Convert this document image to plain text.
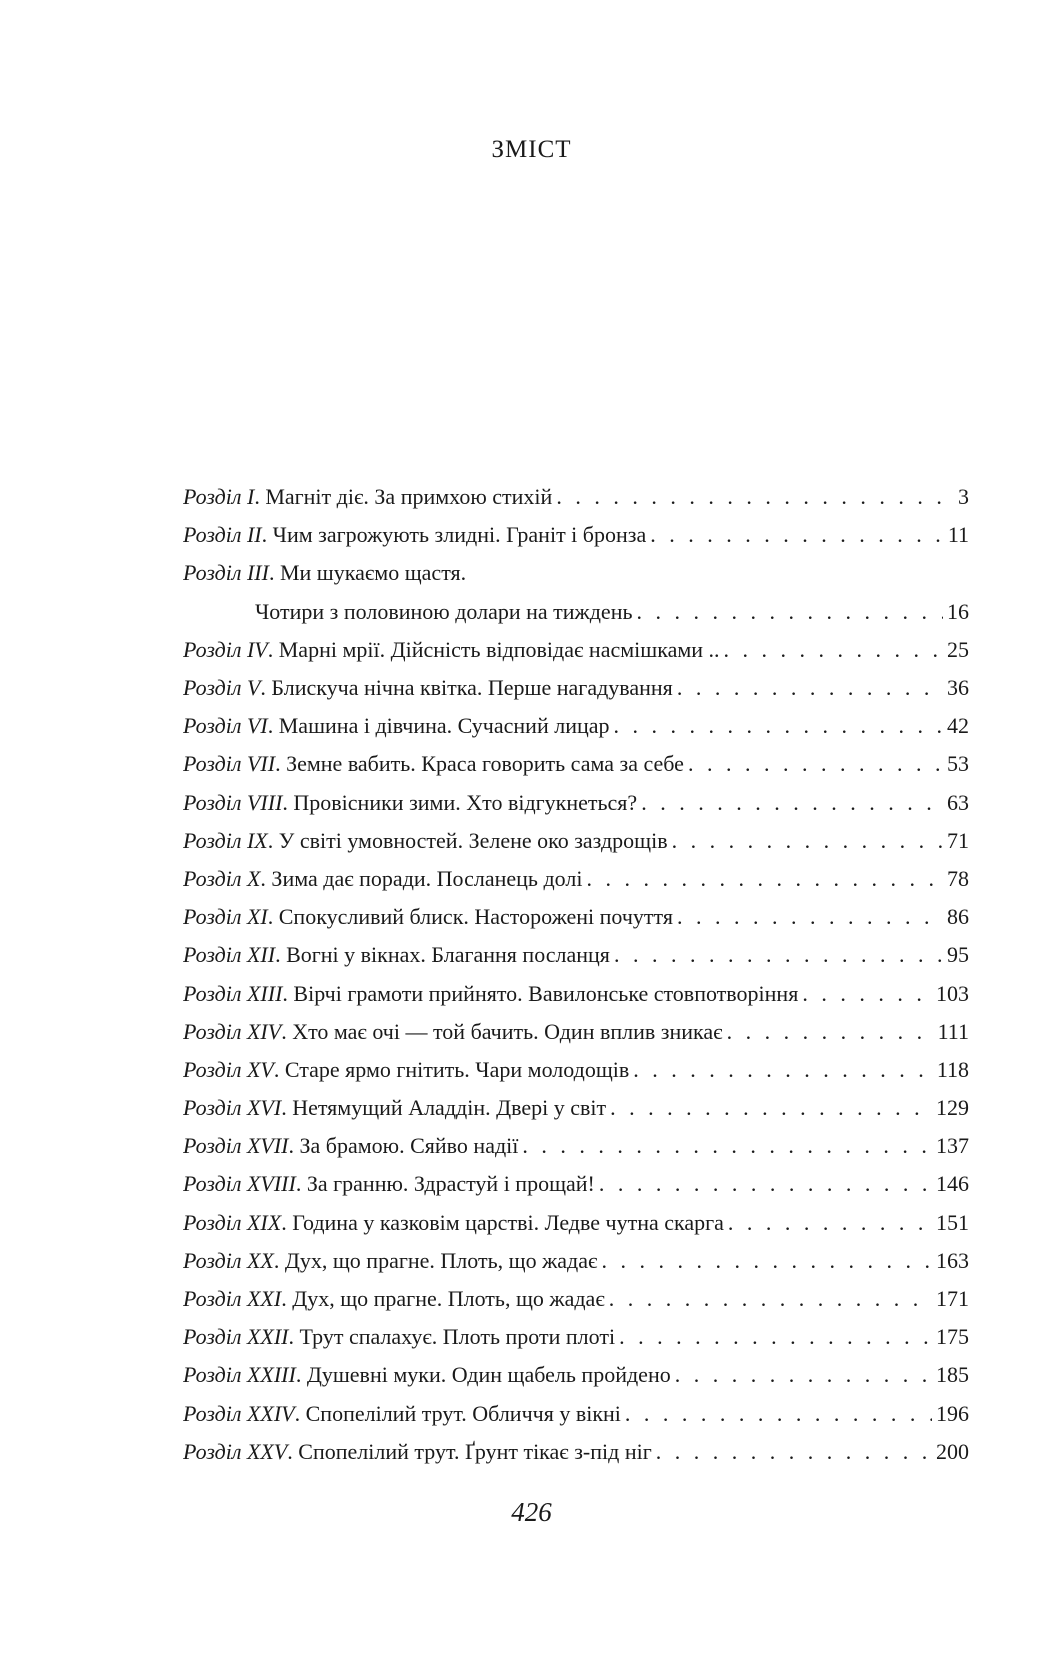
ЗМІСТ
Розділ I . Магніт діє. За примхою стихій . . .	3
Розділ II . Чим загрожують злидні. Граніт і бронза . . .	11
Розділ III . Ми шукаємо щастя.
Чотири з половиною долари на тиждень . . .	16
Розділ IV . Марні мрії. Дійсність відповідає насмішками .. . . .	25
Розділ V . Блискуча нічна квітка. Перше нагадування . . .	36
Розділ VI . Машина і дівчина. Сучасний лицар . . .	42
Розділ VII . Земне вабить. Краса говорить сама за себе . . .	53
Розділ VIII . Провісники зими. Хто відгукнеться? . . .	63
Розділ IX . У світі умовностей. Зелене око заздрощів . . .	71
Розділ X . Зима дає поради. Посланець долі . . .	78
Розділ XI . Спокусливий блиск. Насторожені почуття . . .	86
Розділ XII . Вогні у вікнах. Благання посланця . . .	95
Розділ XIII . Вірчі грамоти прийнято. Вавилонське стовпотворіння . . .	103
Розділ XIV . Хто має очі — той бачить. Один вплив зникає . . .	111
Розділ XV . Старе ярмо гнітить. Чари молодощів . . .	118
Розділ XVI . Нетямущий Аладдін. Двері у світ . . .	129
Розділ XVII . За брамою. Сяйво надії . . .	137
Розділ XVIII . За гранню. Здрастуй і прощай! . . .	146
Розділ XIX . Година у казковім царстві. Ледве чутна скарга . . .	151
Розділ XX . Дух, що прагне. Плоть, що жадає . . .	163
Розділ XXI . Дух, що прагне. Плоть, що жадає . . .	171
Розділ XXII . Трут спалахує. Плоть проти плоті . . .	175
Розділ XXIII . Душевні муки. Один щабель пройдено . . .	185
Розділ XXIV . Спопелілий трут. Обличчя у вікні . . .	196
Розділ XXV . Спопелілий трут. Ґрунт тікає з-під ніг . . .	200
426
